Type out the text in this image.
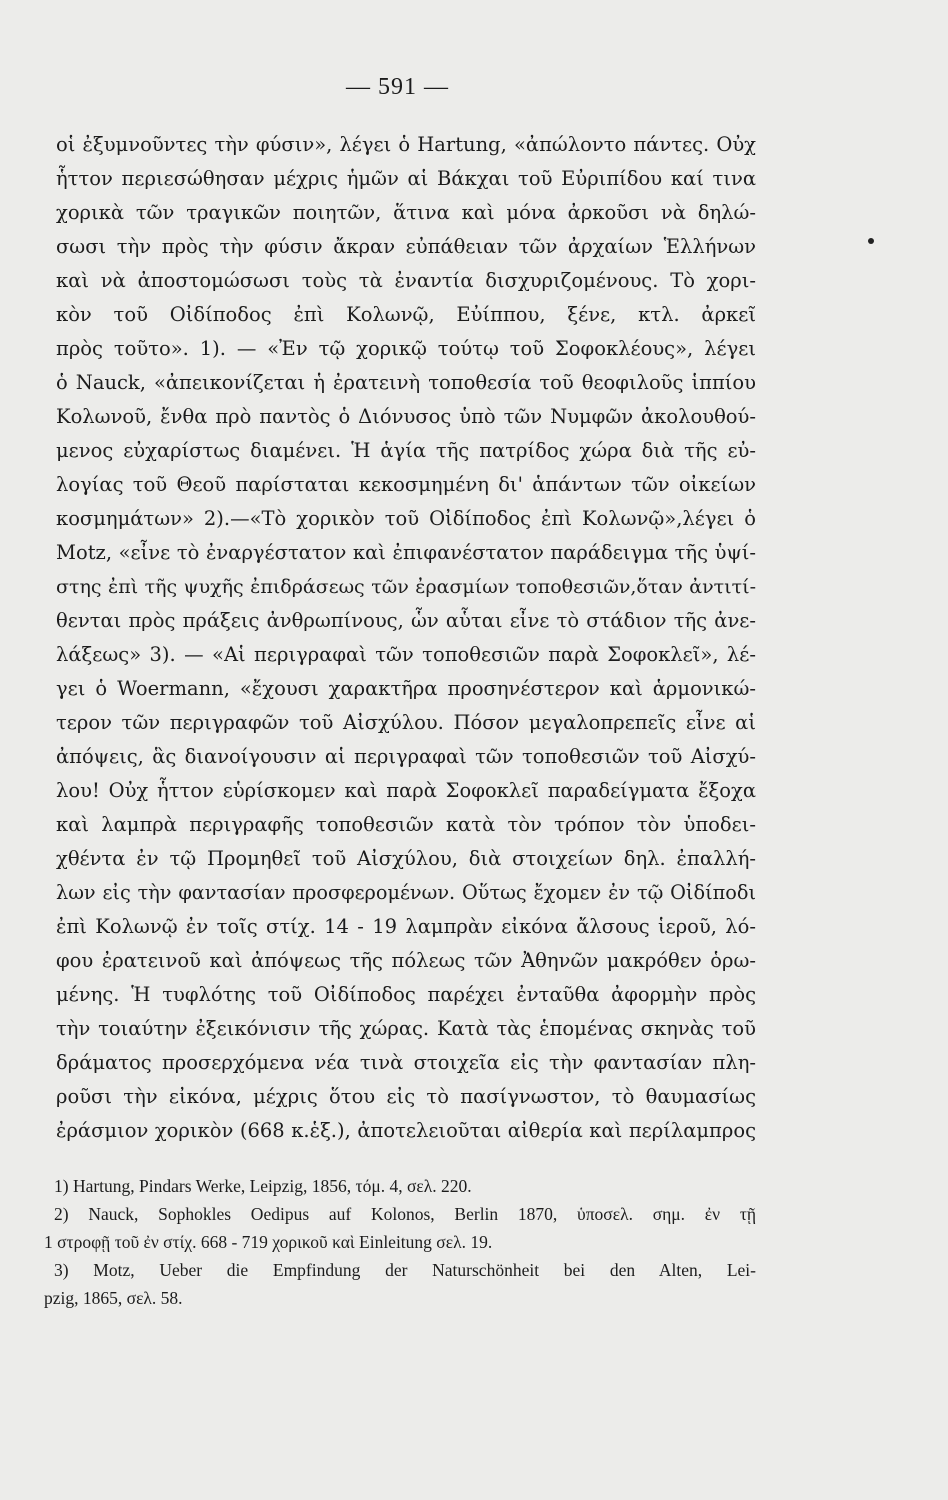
— 591 —
οἱ ἐξυμνοῦντες τὴν φύσιν», λέγει ὁ Hartung, «ἀπώλοντο πάντες. Οὐχ
ἧττον περιεσώθησαν μέχρις ἡμῶν αἱ Βάκχαι τοῦ Εὐριπίδου καί τινα
χορικὰ τῶν τραγικῶν ποιητῶν, ἅτινα καὶ μόνα ἀρκοῦσι νὰ δηλώ-
σωσι τὴν πρὸς τὴν φύσιν ἄκραν εὐπάθειαν τῶν ἀρχαίων Ἑλλήνων
καὶ νὰ ἀποστομώσωσι τοὺς τὰ ἐναντία δισχυριζομένους. Τὸ χορι-
κὸν τοῦ Οἰδίποδος ἐπὶ Κολωνῷ, Εὐίππου, ξένε, κτλ. ἀρκεῖ
πρὸς τοῦτο». 1). — «Ἐν τῷ χορικῷ τούτῳ τοῦ Σοφοκλέους», λέγει
ὁ Nauck, «ἀπεικονίζεται ἡ ἐρατεινὴ τοποθεσία τοῦ θεοφιλοῦς ἱππίου
Κολωνοῦ, ἔνθα πρὸ παντὸς ὁ Διόνυσος ὑπὸ τῶν Νυμφῶν ἀκολουθού-
μενος εὐχαρίστως διαμένει. Ἡ ἁγία τῆς πατρίδος χώρα διὰ τῆς εὐ-
λογίας τοῦ Θεοῦ παρίσταται κεκοσμημένη δι' ἁπάντων τῶν οἰκείων
κοσμημάτων» 2).—«Τὸ χορικὸν τοῦ Οἰδίποδος ἐπὶ Κολωνῷ»,λέγει ὁ
Motz, «εἶνε τὸ ἐναργέστατον καὶ ἐπιφανέστατον παράδειγμα τῆς ὑψί-
στης ἐπὶ τῆς ψυχῆς ἐπιδράσεως τῶν ἐρασμίων τοποθεσιῶν,ὅταν ἀντιτί-
θενται πρὸς πράξεις ἀνθρωπίνους, ὧν αὗται εἶνε τὸ στάδιον τῆς ἀνε-
λάξεως» 3). — «Αἱ περιγραφαὶ τῶν τοποθεσιῶν παρὰ Σοφοκλεῖ», λέ-
γει ὁ Woermann, «ἔχουσι χαρακτῆρα προσηνέστερον καὶ ἁρμονικώ-
τερον τῶν περιγραφῶν τοῦ Αἰσχύλου. Πόσον μεγαλοπρεπεῖς εἶνε αἱ
ἀπόψεις, ἃς διανοίγουσιν αἱ περιγραφαὶ τῶν τοποθεσιῶν τοῦ Αἰσχύ-
λου! Οὐχ ἧττον εὑρίσκομεν καὶ παρὰ Σοφοκλεῖ παραδείγματα ἔξοχα
καὶ λαμπρὰ περιγραφῆς τοποθεσιῶν κατὰ τὸν τρόπον τὸν ὑποδει-
χθέντα ἐν τῷ Προμηθεῖ τοῦ Αἰσχύλου, διὰ στοιχείων δηλ. ἐπαλλή-
λων εἰς τὴν φαντασίαν προσφερομένων. Οὕτως ἔχομεν ἐν τῷ Οἰδίποδι
ἐπὶ Κολωνῷ ἐν τοῖς στίχ. 14 - 19 λαμπρὰν εἰκόνα ἄλσους ἱεροῦ, λό-
φου ἐρατεινοῦ καὶ ἀπόψεως τῆς πόλεως τῶν Ἀθηνῶν μακρόθεν ὁρω-
μένης. Ἡ τυφλότης τοῦ Οἰδίποδος παρέχει ἐνταῦθα ἀφορμὴν πρὸς
τὴν τοιαύτην ἐξεικόνισιν τῆς χώρας. Κατὰ τὰς ἑπομένας σκηνὰς τοῦ
δράματος προσερχόμενα νέα τινὰ στοιχεῖα εἰς τὴν φαντασίαν πλη-
ροῦσι τὴν εἰκόνα, μέχρις ὅτου εἰς τὸ πασίγνωστον, τὸ θαυμασίως
ἐράσμιον χορικὸν (668 κ.ἑξ.), ἀποτελειοῦται αἰθερία καὶ περίλαμπρος
1) Hartung, Pindars Werke, Leipzig, 1856, τόμ. 4, σελ. 220.
2) Nauck, Sophokles Oedipus auf Kolonos, Berlin 1870, ὑποσελ. σημ. ἐν τῇ
1 στροφῇ τοῦ ἐν στίχ. 668 - 719 χορικοῦ καὶ Einleitung σελ. 19.
3) Motz, Ueber die Empfindung der Naturschönheit bei den Alten, Lei-
pzig, 1865, σελ. 58.
